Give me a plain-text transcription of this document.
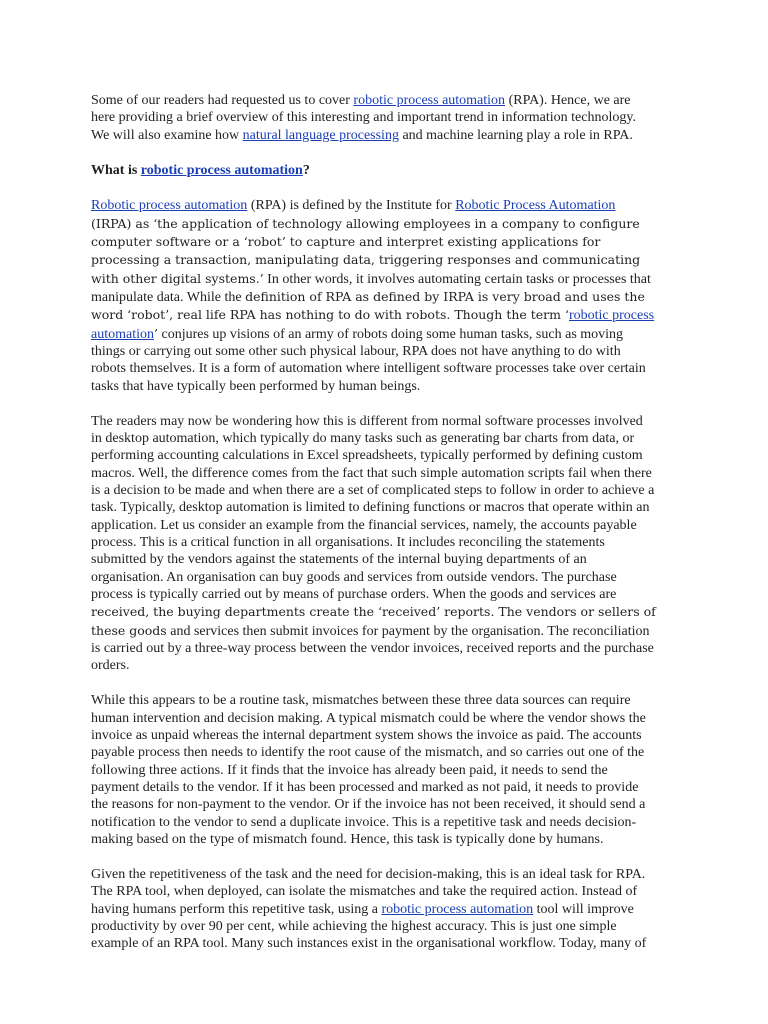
Some of our readers had requested us to cover robotic process automation (RPA). Hence, we are here providing a brief overview of this interesting and important trend in information technology. We will also examine how natural language processing and machine learning play a role in RPA.

What is robotic process automation?

Robotic process automation (RPA) is defined by the Institute for Robotic Process Automation (IRPA) as ‘the application of technology allowing employees in a company to configure computer software or a ‘robot’ to capture and interpret existing applications for processing a transaction, manipulating data, triggering responses and communicating with other digital systems.’ In other words, it involves automating certain tasks or processes that manipulate data. While the definition of RPA as defined by IRPA is very broad and uses the word ‘robot’, real life RPA has nothing to do with robots. Though the term ‘robotic process automation’ conjures up visions of an army of robots doing some human tasks, such as moving things or carrying out some other such physical labour, RPA does not have anything to do with robots themselves. It is a form of automation where intelligent software processes take over certain tasks that have typically been performed by human beings.

The readers may now be wondering how this is different from normal software processes involved in desktop automation, which typically do many tasks such as generating bar charts from data, or performing accounting calculations in Excel spreadsheets, typically performed by defining custom macros. Well, the difference comes from the fact that such simple automation scripts fail when there is a decision to be made and when there are a set of complicated steps to follow in order to achieve a task. Typically, desktop automation is limited to defining functions or macros that operate within an application. Let us consider an example from the financial services, namely, the accounts payable process. This is a critical function in all organisations. It includes reconciling the statements submitted by the vendors against the statements of the internal buying departments of an organisation. An organisation can buy goods and services from outside vendors. The purchase process is typically carried out by means of purchase orders. When the goods and services are received, the buying departments create the ‘received’ reports. The vendors or sellers of these goods and services then submit invoices for payment by the organisation. The reconciliation is carried out by a three-way process between the vendor invoices, received reports and the purchase orders.

While this appears to be a routine task, mismatches between these three data sources can require human intervention and decision making. A typical mismatch could be where the vendor shows the invoice as unpaid whereas the internal department system shows the invoice as paid. The accounts payable process then needs to identify the root cause of the mismatch, and so carries out one of the following three actions. If it finds that the invoice has already been paid, it needs to send the payment details to the vendor. If it has been processed and marked as not paid, it needs to provide the reasons for non-payment to the vendor. Or if the invoice has not been received, it should send a notification to the vendor to send a duplicate invoice. This is a repetitive task and needs decision-making based on the type of mismatch found. Hence, this task is typically done by humans.

Given the repetitiveness of the task and the need for decision-making, this is an ideal task for RPA. The RPA tool, when deployed, can isolate the mismatches and take the required action. Instead of having humans perform this repetitive task, using a robotic process automation tool will improve productivity by over 90 per cent, while achieving the highest accuracy. This is just one simple example of an RPA tool. Many such instances exist in the organisational workflow. Today, many of
